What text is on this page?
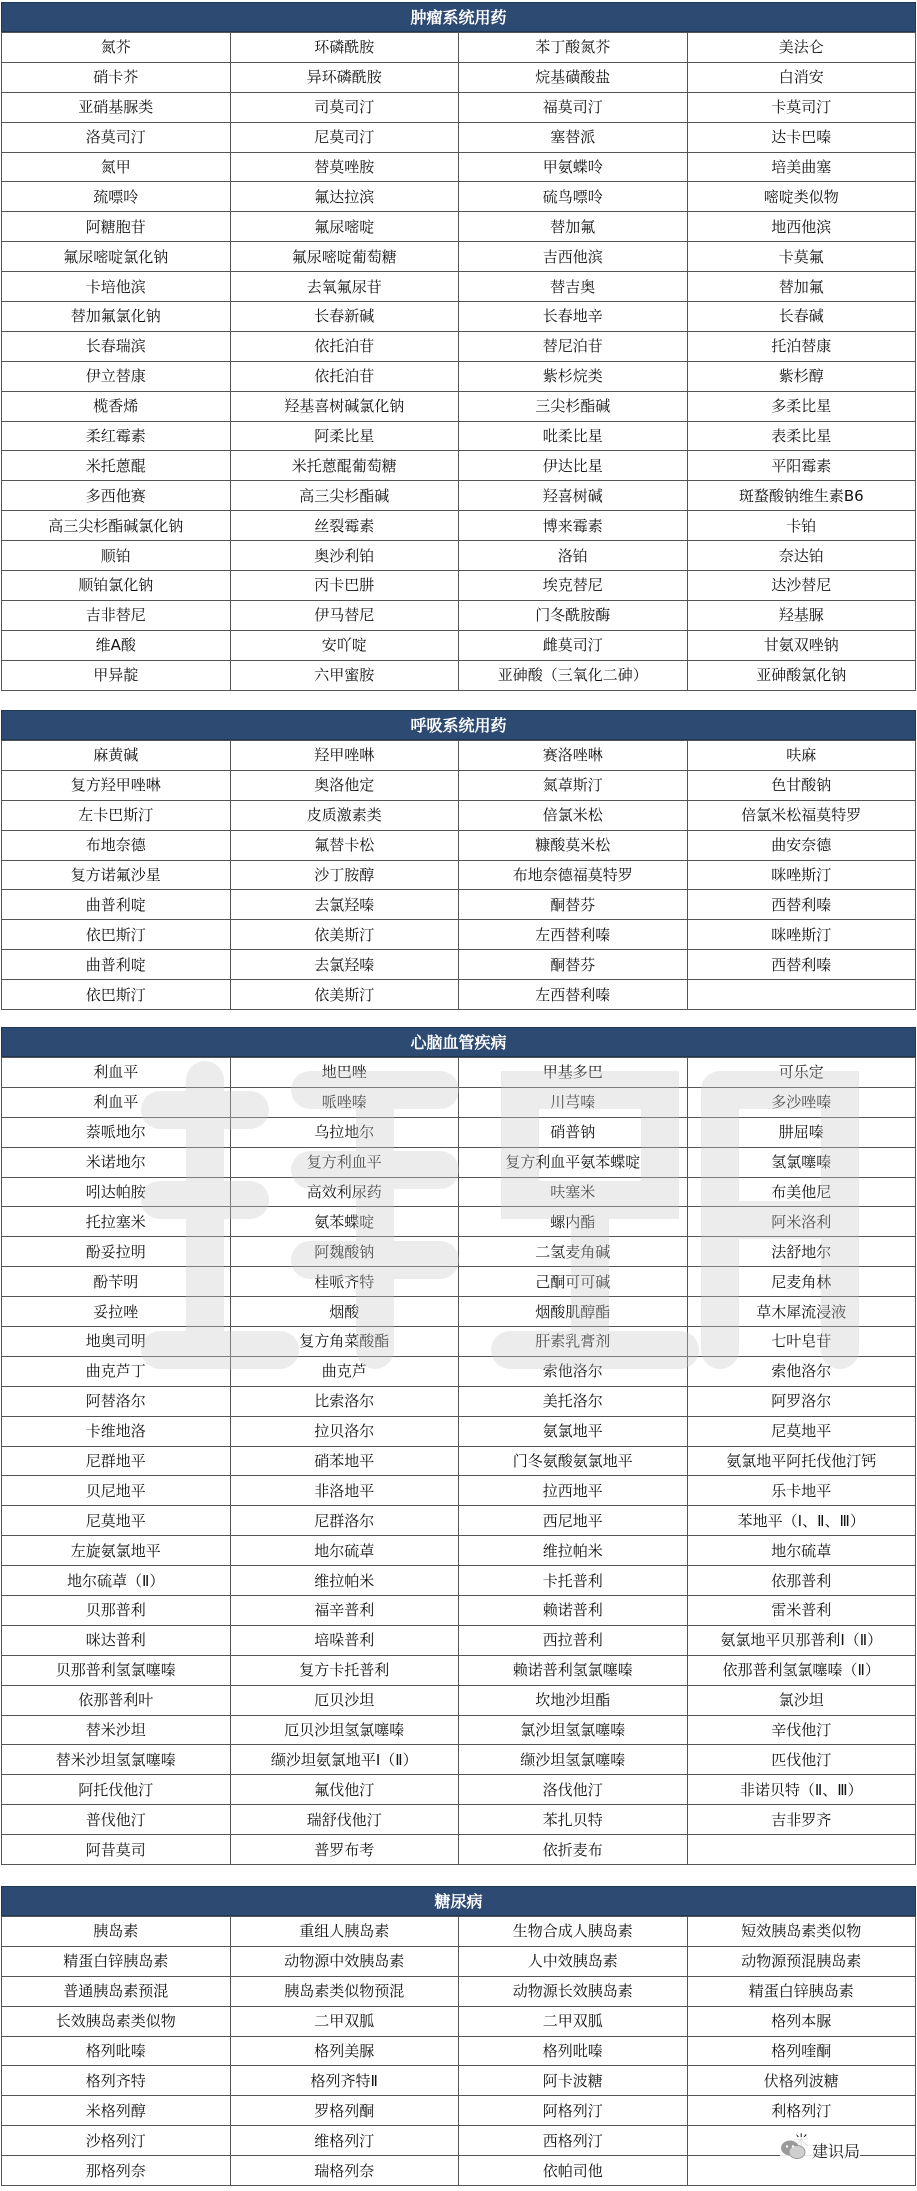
肿瘤系统用药
氮芥	环磷酰胺	苯丁酸氮芥	美法仑
硝卡芥	异环磷酰胺	烷基磺酸盐	白消安
亚硝基脲类	司莫司汀	福莫司汀	卡莫司汀
洛莫司汀	尼莫司汀	塞替派	达卡巴嗪
氮甲	替莫唑胺	甲氨蝶呤	培美曲塞
巯嘌呤	氟达拉滨	硫鸟嘌呤	嘧啶类似物
阿糖胞苷	氟尿嘧啶	替加氟	地西他滨
氟尿嘧啶氯化钠	氟尿嘧啶葡萄糖	吉西他滨	卡莫氟
卡培他滨	去氧氟尿苷	替吉奥	替加氟
替加氟氯化钠	长春新碱	长春地辛	长春碱
长春瑞滨	依托泊苷	替尼泊苷	托泊替康
伊立替康	依托泊苷	紫杉烷类	紫杉醇
榄香烯	羟基喜树碱氯化钠	三尖杉酯碱	多柔比星
柔红霉素	阿柔比星	吡柔比星	表柔比星
米托蒽醌	米托蒽醌葡萄糖	伊达比星	平阳霉素
多西他赛	高三尖杉酯碱	羟喜树碱	斑蝥酸钠维生素B6
高三尖杉酯碱氯化钠	丝裂霉素	博来霉素	卡铂
顺铂	奥沙利铂	洛铂	奈达铂
顺铂氯化钠	丙卡巴肼	埃克替尼	达沙替尼
吉非替尼	伊马替尼	门冬酰胺酶	羟基脲
维A酸	安吖啶	雌莫司汀	甘氨双唑钠
甲异靛	六甲蜜胺	亚砷酸（三氧化二砷）	亚砷酸氯化钠
呼吸系统用药
麻黄碱	羟甲唑啉	赛洛唑啉	呋麻
复方羟甲唑啉	奥洛他定	氮䓬斯汀	色甘酸钠
左卡巴斯汀	皮质激素类	倍氯米松	倍氯米松福莫特罗
布地奈德	氟替卡松	糠酸莫米松	曲安奈德
复方诺氟沙星	沙丁胺醇	布地奈德福莫特罗	咪唑斯汀
曲普利啶	去氯羟嗪	酮替芬	西替利嗪
依巴斯汀	依美斯汀	左西替利嗪	咪唑斯汀
曲普利啶	去氯羟嗪	酮替芬	西替利嗪
依巴斯汀	依美斯汀	左西替利嗪	
心脑血管疾病
利血平	地巴唑	甲基多巴	可乐定
利血平	哌唑嗪	川芎嗪	多沙唑嗪
萘哌地尔	乌拉地尔	硝普钠	肼屈嗪
米诺地尔	复方利血平	复方利血平氨苯蝶啶	氢氯噻嗪
吲达帕胺	高效利尿药	呋塞米	布美他尼
托拉塞米	氨苯蝶啶	螺内酯	阿米洛利
酚妥拉明	阿魏酸钠	二氢麦角碱	法舒地尔
酚苄明	桂哌齐特	己酮可可碱	尼麦角林
妥拉唑	烟酸	烟酸肌醇酯	草木犀流浸液
地奥司明	复方角菜酸酯	肝素乳膏剂	七叶皂苷
曲克芦丁	曲克芦	索他洛尔	索他洛尔
阿替洛尔	比索洛尔	美托洛尔	阿罗洛尔
卡维地洛	拉贝洛尔	氨氯地平	尼莫地平
尼群地平	硝苯地平	门冬氨酸氨氯地平	氨氯地平阿托伐他汀钙
贝尼地平	非洛地平	拉西地平	乐卡地平
尼莫地平	尼群洛尔	西尼地平	苯地平（Ⅰ、Ⅱ、Ⅲ）
左旋氨氯地平	地尔硫䓬	维拉帕米	地尔硫䓬
地尔硫䓬（Ⅱ）	维拉帕米	卡托普利	依那普利
贝那普利	福辛普利	赖诺普利	雷米普利
咪达普利	培哚普利	西拉普利	氨氯地平贝那普利Ⅰ（Ⅱ）
贝那普利氢氯噻嗪	复方卡托普利	赖诺普利氢氯噻嗪	依那普利氢氯噻嗪（Ⅱ）
依那普利叶	厄贝沙坦	坎地沙坦酯	氯沙坦
替米沙坦	厄贝沙坦氢氯噻嗪	氯沙坦氢氯噻嗪	辛伐他汀
替米沙坦氢氯噻嗪	缬沙坦氨氯地平Ⅰ（Ⅱ）	缬沙坦氢氯噻嗪	匹伐他汀
阿托伐他汀	氟伐他汀	洛伐他汀	非诺贝特（Ⅱ、Ⅲ）
普伐他汀	瑞舒伐他汀	苯扎贝特	吉非罗齐
阿昔莫司	普罗布考	依折麦布	
糖尿病
胰岛素	重组人胰岛素	生物合成人胰岛素	短效胰岛素类似物
精蛋白锌胰岛素	动物源中效胰岛素	人中效胰岛素	动物源预混胰岛素
普通胰岛素预混	胰岛素类似物预混	动物源长效胰岛素	精蛋白锌胰岛素
长效胰岛素类似物	二甲双胍	二甲双胍	格列本脲
格列吡嗪	格列美脲	格列吡嗪	格列喹酮
格列齐特	格列齐特Ⅱ	阿卡波糖	伏格列波糖
米格列醇	罗格列酮	阿格列汀	利格列汀
沙格列汀	维格列汀	西格列汀	
那格列奈	瑞格列奈	依帕司他	
建识局
